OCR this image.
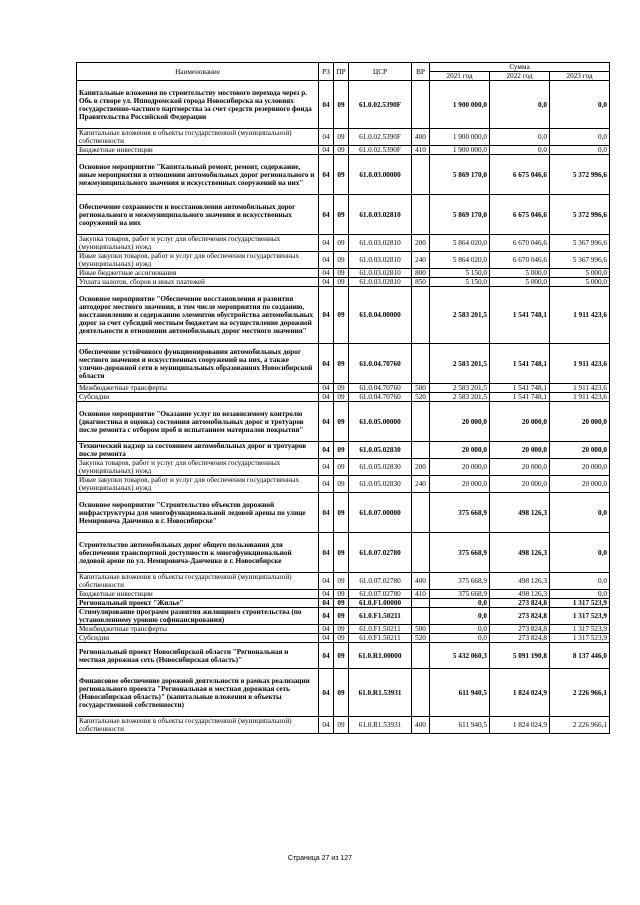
Наименование	РЗ	ПР	ЦСР	ВР	Сумма		
					2021 год	2022 год	2023 год
Капитальные вложения по строительству мостового перехода через р. Обь в створе ул. Ипподромской города Новосибирска на условиях государственно-частного партнерства за счет средств резервного фонда Правительства Российской Федерации	04	09	61.0.02.5390F		1 900 000,0	0,0	0,0
Капитальные вложения в объекты государственной (муниципальной) собственности	04	09	61.0.02.5390F	400	1 900 000,0	0,0	0,0
Бюджетные инвестиции	04	09	61.0.02.5390F	410	1 900 000,0	0,0	0,0
Основное мероприятие "Капитальный ремонт, ремонт, содержание, иные мероприятия в отношении автомобильных дорог регионального и межмуниципального значения и искусственных сооружений на них"	04	09	61.0.03.00000		5 869 170,0	6 675 046,6	5 372 996,6
Обеспечение сохранности и восстановления автомобильных дорог регионального и межмуниципального значения и искусственных сооружений на них	04	09	61.0.03.02810		5 869 170,0	6 675 046,6	5 372 996,6
Закупка товаров, работ и услуг для обеспечения государственных (муниципальных) нужд	04	09	61.0.03.02810	200	5 864 020,0	6 670 046,6	5 367 996,6
Иные закупки товаров, работ и услуг для обеспечения государственных (муниципальных) нужд	04	09	61.0.03.02810	240	5 864 020,0	6 670 046,6	5 367 996,6
Иные бюджетные ассигнования	04	09	61.0.03.02810	800	5 150,0	5 000,0	5 000,0
Уплата налогов, сборов и иных платежей	04	09	61.0.03.02810	850	5 150,0	5 000,0	5 000,0
Основное мероприятие "Обеспечение восстановления и развития автодорог местного значения, в том числе мероприятия по созданию, восстановлению и содержанию элементов обустройства автомобильных дорог за счет субсидий местным бюджетам на осуществление дорожной деятельности в отношении автомобильных дорог местного значения"	04	09	61.0.04.00000		2 583 201,5	1 541 748,1	1 911 423,6
Обеспечение устойчивого функционирования автомобильных дорог местного значения и искусственных сооружений на них, а также улично-дорожной сети в муниципальных образованиях Новосибирской области	04	09	61.0.04.70760		2 583 201,5	1 541 748,1	1 911 423,6
Межбюджетные трансферты	04	09	61.0.04.70760	500	2 583 201,5	1 541 748,1	1 911 423,6
Субсидии	04	09	61.0.04.70760	520	2 583 201,5	1 541 748,1	1 911 423,6
Основное мероприятие "Оказание услуг по независимому контролю (диагностика и оценка) состояния автомобильных дорог и тротуаров после ремонта с отбором проб и испытанием материалов покрытия"	04	09	61.0.05.00000		20 000,0	20 000,0	20 000,0
Технический надзор за состоянием автомобильных дорог и тротуаров после ремонта	04	09	61.0.05.02830		20 000,0	20 000,0	20 000,0
Закупка товаров, работ и услуг для обеспечения государственных (муниципальных) нужд	04	09	61.0.05.02830	200	20 000,0	20 000,0	20 000,0
Иные закупки товаров, работ и услуг для обеспечения государственных (муниципальных) нужд	04	09	61.0.05.02830	240	20 000,0	20 000,0	20 000,0
Основное мероприятие "Строительство объектов дорожной инфраструктуры для многофункциональной ледовой арены по улице Немировича Данченко в г. Новосибирске"	04	09	61.0.07.00000		375 668,9	498 126,3	0,0
Строительство автомобильных дорог общего пользования для обеспечения транспортной доступности к многофункциональной ледовой арене по ул. Немировича-Данченко в г. Новосибирске	04	09	61.0.07.02780		375 668,9	498 126,3	0,0
Капитальные вложения в объекты государственной (муниципальной) собственности	04	09	61.0.07.02780	400	375 668,9	498 126,3	0,0
Бюджетные инвестиции	04	09	61.0.07.02780	410	375 668,9	498 126,3	0,0
Региональный проект "Жилье"	04	09	61.0.F1.00000		0,0	273 824,8	1 317 523,9
Стимулирование программ развития жилищного строительства (по установленному уровню софинансирования)	04	09	61.0.F1.50211		0,0	273 824,8	1 317 523,9
Межбюджетные трансферты	04	09	61.0.F1.50211	500	0,0	273 824,8	1 317 523,9
Субсидии	04	09	61.0.F1.50211	520	0,0	273 824,8	1 317 523,9
Региональный проект Новосибирской области "Региональная и местная дорожная сеть (Новосибирская область)"	04	09	61.0.R1.00000		5 432 060,3	5 091 190,8	8 137 446,0
Финансовое обеспечение дорожной деятельности в рамках реализации регионального проекта "Региональная и местная дорожная сеть (Новосибирская область)" (капитальные вложения в объекты государственной собственности)	04	09	61.0.R1.53931		611 940,5	1 824 024,9	2 226 966,1
Капитальные вложения в объекты государственной (муниципальной) собственности	04	09	61.0.R1.53931	400	611 940,5	1 824 024,9	2 226 966,1
Страница 27 из 127
